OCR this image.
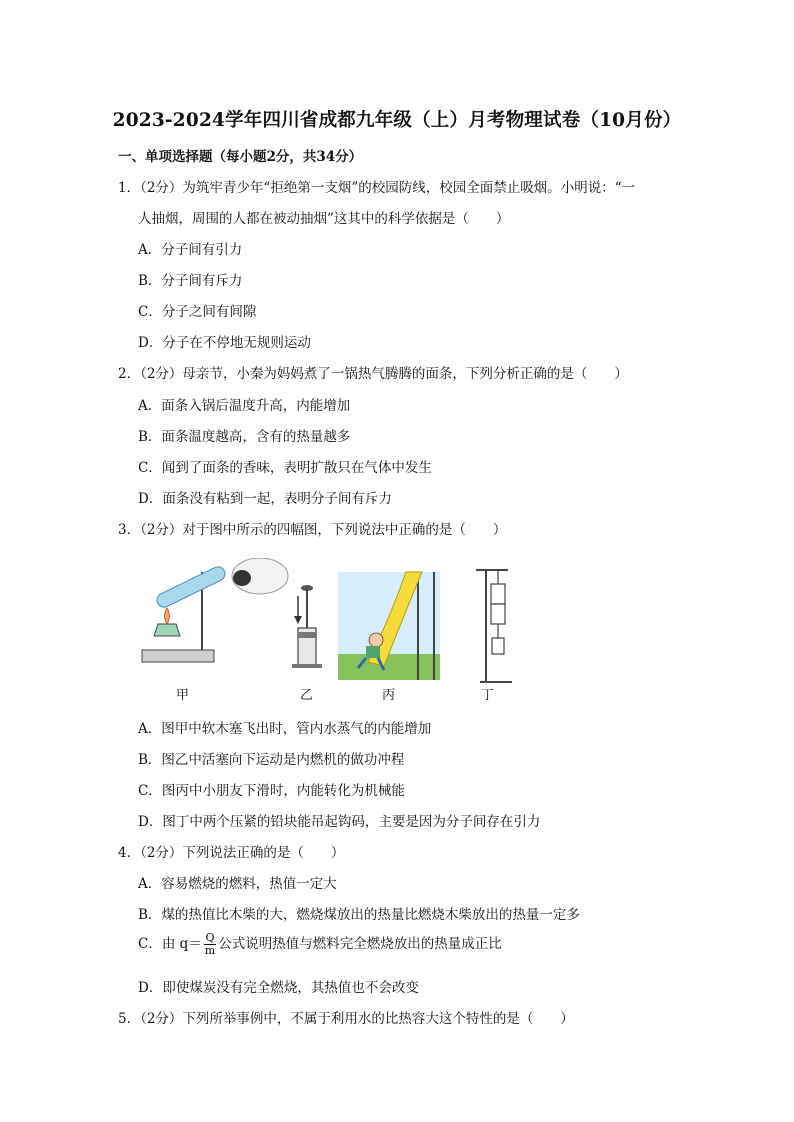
2023-2024学年四川省成都九年级（上）月考物理试卷（10月份）
一、单项选择题（每小题2分，共34分）
1．（2分）为筑牢青少年“拒绝第一支烟”的校园防线，校园全面禁止吸烟。小明说：“一
人抽烟，周围的人都在被动抽烟”这其中的科学依据是（　　）
A．分子间有引力
B．分子间有斥力
C．分子之间有间隙
D．分子在不停地无规则运动
2．（2分）母亲节，小秦为妈妈煮了一锅热气腾腾的面条，下列分析正确的是（　　）
A．面条入锅后温度升高，内能增加
B．面条温度越高，含有的热量越多
C．闻到了面条的香味，表明扩散只在气体中发生
D．面条没有粘到一起，表明分子间有斥力
3．（2分）对于图中所示的四幅图，下列说法中正确的是（　　）
甲	乙	丙	丁
A．图甲中软木塞飞出时，管内水蒸气的内能增加
B．图乙中活塞向下运动是内燃机的做功冲程
C．图丙中小朋友下滑时，内能转化为机械能
D．图丁中两个压紧的铅块能吊起钩码，主要是因为分子间存在引力
4．（2分）下列说法正确的是（　　）
A．容易燃烧的燃料，热值一定大
B．煤的热值比木柴的大，燃烧煤放出的热量比燃烧木柴放出的热量一定多
C．由 $q= \frac{Q}{m}$ 公式说明热值与燃料完全燃烧放出的热量成正比
D．即使煤炭没有完全燃烧，其热值也不会改变
5．（2分）下列所举事例中，不属于利用水的比热容大这个特性的是（　　）
